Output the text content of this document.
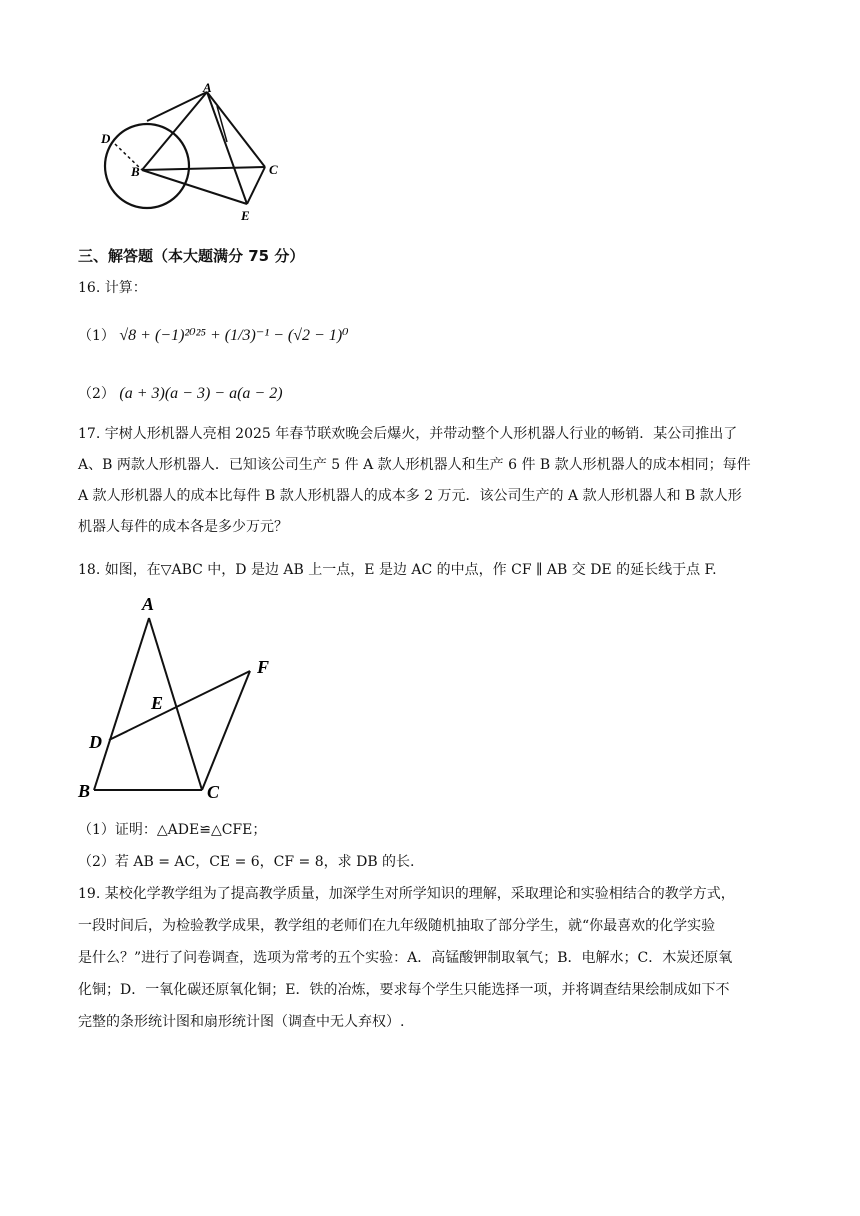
A
D
B	C
E
三、解答题（本大题满分 75 分）
16. 计算：
（1） √8 + (−1)²⁰²⁵ + (1/3)⁻¹ − (√2 − 1)⁰
（2） (a + 3)(a − 3) − a(a − 2)
17. 宇树人形机器人亮相 2025 年春节联欢晚会后爆火，并带动整个人形机器人行业的畅销．某公司推出了
A、B 两款人形机器人．已知该公司生产 5 件 A 款人形机器人和生产 6 件 B 款人形机器人的成本相同；每件
A 款人形机器人的成本比每件 B 款人形机器人的成本多 2 万元．该公司生产的 A 款人形机器人和 B 款人形
机器人每件的成本各是多少万元？
18. 如图，在▽ABC 中，D 是边 AB 上一点，E 是边 AC 的中点，作 CF ∥ AB 交 DE 的延长线于点 F.
A
F
E
D
B	C
（1）证明：△ADE≌△CFE；
（2）若 AB = AC，CE = 6，CF = 8，求 DB 的长.
19. 某校化学教学组为了提高教学质量，加深学生对所学知识的理解，采取理论和实验相结合的教学方式，
一段时间后，为检验教学成果，教学组的老师们在九年级随机抽取了部分学生，就“你最喜欢的化学实验
是什么？”进行了问卷调查，选项为常考的五个实验：A．高锰酸钾制取氧气；B．电解水；C．木炭还原氧
化铜；D．一氧化碳还原氧化铜；E．铁的冶炼，要求每个学生只能选择一项，并将调查结果绘制成如下不
完整的条形统计图和扇形统计图（调查中无人弃权）.
